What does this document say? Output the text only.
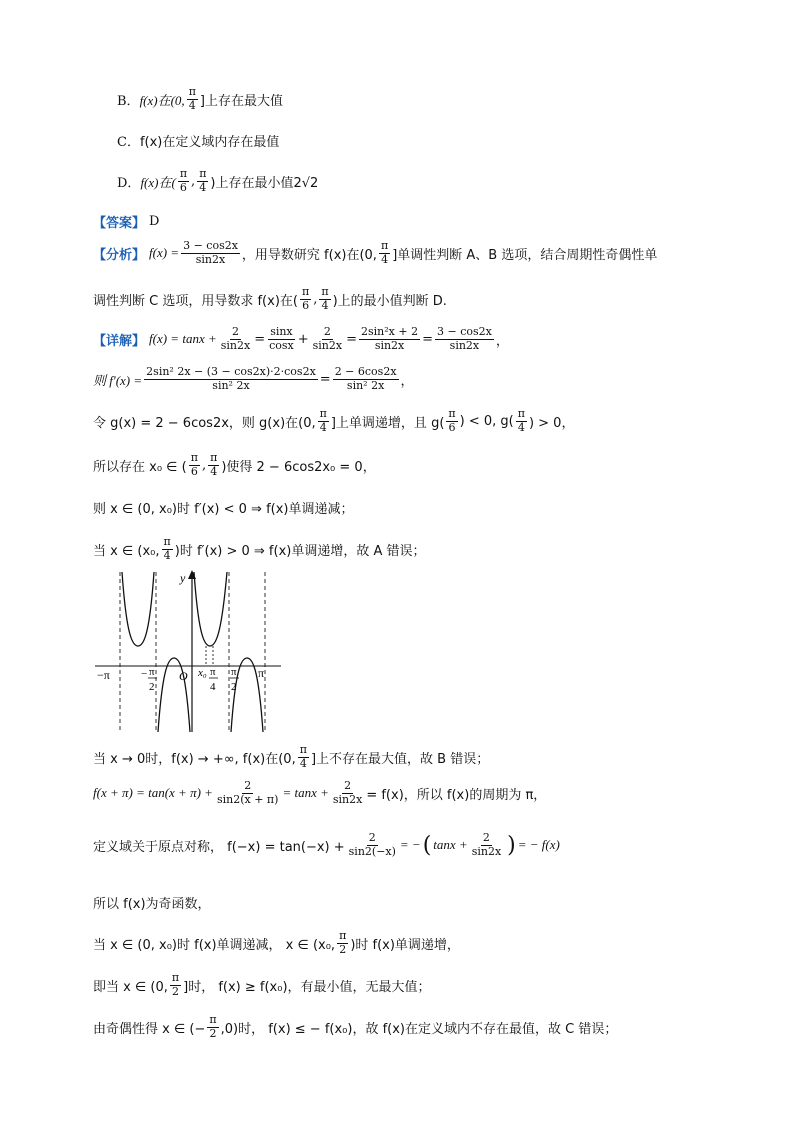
B． f(x)在(0, $\frac{\pi}{4}$ ]上存在最大值
C． f(x)在定义域内存在最值
D． f(x)在( $\frac{\pi}{6}$ , $\frac{\pi}{4}$ )上存在最小值2√2
【答案】 D
【分析】 $f(x) = \frac{3 - \cos 2x}{\sin 2x}$ ，用导数研究 f(x)在(0, $\frac{\pi}{4}$ ]单调性判断 A、B 选项，结合周期性奇偶性单
调性判断 C 选项，用导数求 f(x)在( $\frac{\pi}{6}$ , $\frac{\pi}{4}$ )上的最小值判断 D.
【详解】 $f(x) = \tan x + \frac{2}{\sin 2x} = \frac{\sin x}{\cos x} + \frac{2}{\sin 2x} = \frac{\text{2sin²x + 2}}{\sin 2x} = \frac{3 - \cos 2x}{\sin 2x}$ ，
则 $f'(x) = \frac{\text{2sin² 2x − (3 − cos2x)·2·cos2x}}{\text{sin² 2x}} = \frac{2 - 6\cos 2x}{\text{sin² 2x}}$ ，
令 g(x) = 2 − 6cos2x，则 g(x)在(0, $\frac{\pi}{4}$ ]上单调递增，且 $g( \frac{\pi}{6}$ ) < 0, $g( \frac{\pi}{4}$ ) > 0，
所以存在 x₀ ∈ ( $\frac{\pi}{6}$ , $\frac{\pi}{4}$ )使得 2 − 6cos2x₀ = 0，
则 x ∈ (0, x₀)时 f′(x) < 0 ⇒ f(x)单调递减；
当 x ∈ (x₀, $\frac{\pi}{4}$ )时 f′(x) > 0 ⇒ f(x)单调递增，故 A 错误；
y
O
−π	− π
2
x₀ π
4
π
2
π
当 x → 0时，f(x) → +∞, f(x)在(0, $\frac{\pi}{4}$ ]上不存在最大值，故 B 错误；
$f(x + \pi) = \tan(x + \pi) + \frac{2}{\sin 2(x + \pi)} = \tan x + \frac{2}{\sin 2x} = f(x)$，所以 f(x)的周期为 π，
定义域关于原点对称， $f(-x) = \tan(-x) + \frac{2}{\sin 2(-x)}$ = − ( $\tan x + \frac{2}{\sin 2x}$ ) = − f(x)
所以 f(x)为奇函数，
当 x ∈ (0, x₀)时 f(x)单调递减， x ∈ (x₀, $\frac{\pi}{2}$ )时 f(x)单调递增，
即当 x ∈ (0, $\frac{\pi}{2}$ ]时， f(x) ≥ f(x₀)，有最小值，无最大值；
由奇偶性得 x ∈ (− $\frac{\pi}{2} ,0$)时， f(x) ≤ − f(x₀)，故 f(x)在定义域内不存在最值，故 C 错误；
